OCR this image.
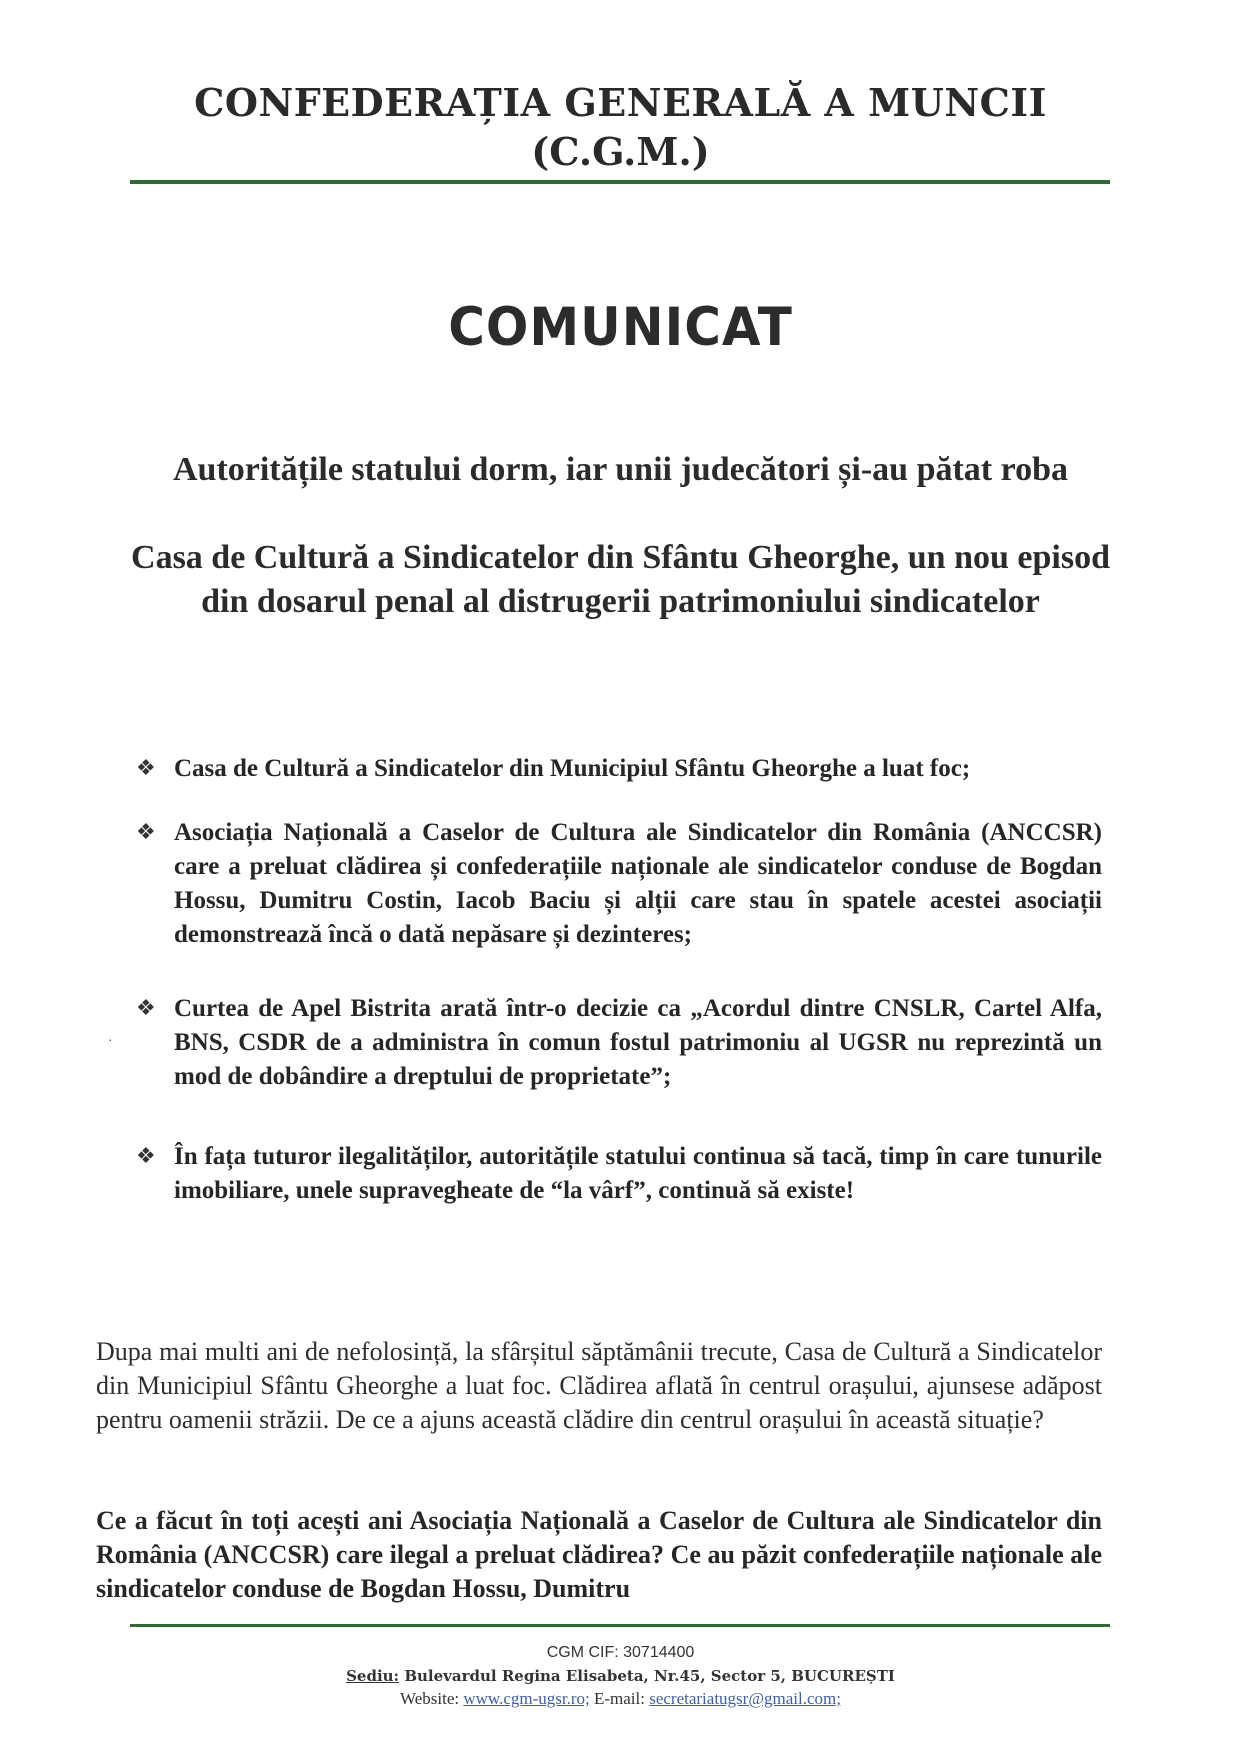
CONFEDERAȚIA GENERALĂ A MUNCII
(C.G.M.)
COMUNICAT
Autoritățile statului dorm, iar unii judecători și-au pătat roba
Casa de Cultură a Sindicatelor din Sfântu Gheorghe, un nou episod din dosarul penal al distrugerii patrimoniului sindicatelor
·
❖ Casa de Cultură a Sindicatelor din Municipiul Sfântu Gheorghe a luat foc;
❖ Asociația Națională a Caselor de Cultura ale Sindicatelor din România (ANCCSR) care a preluat clădirea și confederațiile naționale ale sindicatelor conduse de Bogdan Hossu, Dumitru Costin, Iacob Baciu și alții care stau în spatele acestei asociații demonstrează încă o dată nepăsare și dezinteres;
❖ Curtea de Apel Bistrita arată într-o decizie ca „Acordul dintre CNSLR, Cartel Alfa, BNS, CSDR de a administra în comun fostul patrimoniu al UGSR nu reprezintă un mod de dobândire a dreptului de proprietate”;
❖ În fața tuturor ilegalităților, autoritățile statului continua să tacă, timp în care tunurile imobiliare, unele supravegheate de “la vârf”, continuă să existe!

Dupa mai multi ani de nefolosință, la sfârșitul săptămânii trecute, Casa de Cultură a Sindicatelor din Municipiul Sfântu Gheorghe a luat foc. Clădirea aflată în centrul orașului, ajunsese adăpost pentru oamenii străzii. De ce a ajuns această clădire din centrul orașului în această situație?

Ce a făcut în toți acești ani Asociația Națională a Caselor de Cultura ale Sindicatelor din România (ANCCSR) care ilegal a preluat clădirea? Ce au păzit confederațiile naționale ale sindicatelor conduse de Bogdan Hossu, Dumitru

CGM CIF: 30714400
Sediu: Bulevardul Regina Elisabeta, Nr.45, Sector 5, BUCUREȘTI
Website: www.cgm-ugsr.ro; E-mail: secretariatugsr@gmail.com;
